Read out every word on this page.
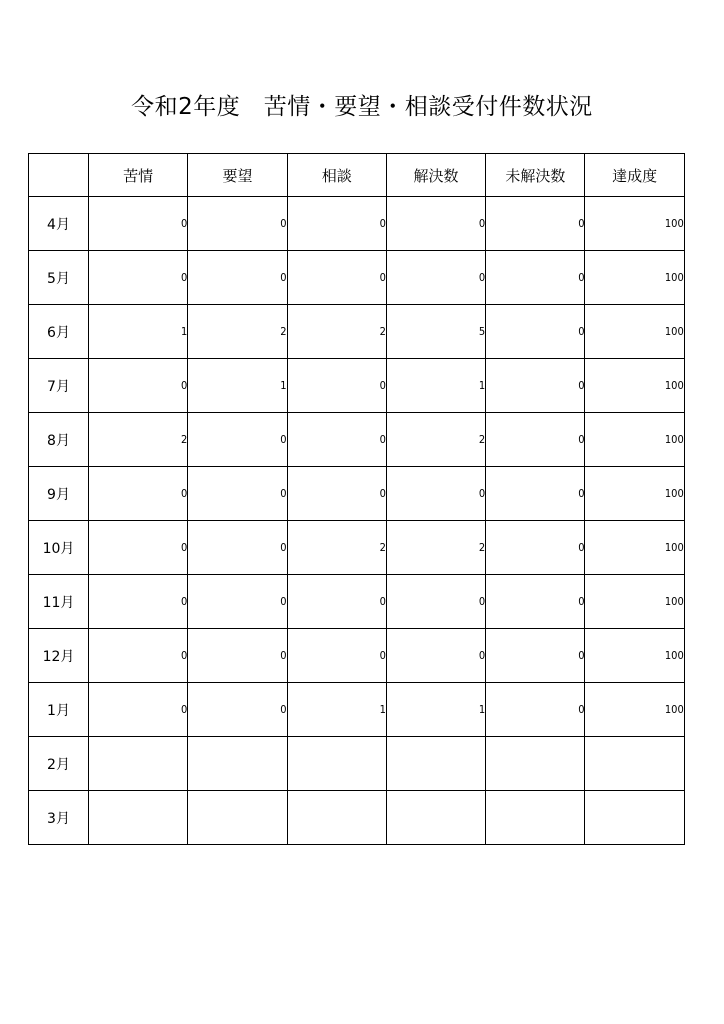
令和2年度　苦情・要望・相談受付件数状況
	苦情	要望	相談	解決数	未解決数	達成度
4月	0	0	0	0	0	100
5月	0	0	0	0	0	100
6月	1	2	2	5	0	100
7月	0	1	0	1	0	100
8月	2	0	0	2	0	100
9月	0	0	0	0	0	100
10月	0	0	2	2	0	100
11月	0	0	0	0	0	100
12月	0	0	0	0	0	100
1月	0	0	1	1	0	100
2月						
3月						
